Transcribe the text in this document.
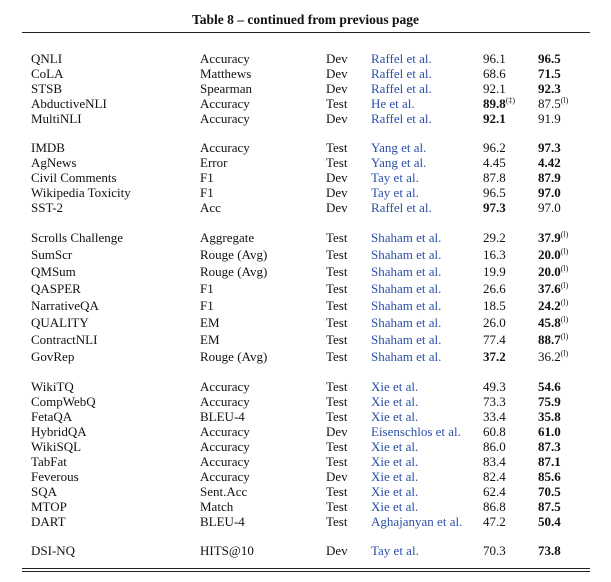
Table 8 – continued from previous page
QNLI	Accuracy	Dev Raffel et al.	96.1 96.5
CoLA	Matthews	Dev Raffel et al.	68.6 71.5
STSB	Spearman	Dev Raffel et al.	92.1 92.3
AbductiveNLI	Accuracy	Test He et al.	89.8(‡) 87.5$^{(l)}$
MultiNLI	Accuracy	Dev Raffel et al.	92.1 91.9
IMDB	Accuracy	Test Yang et al.	96.2 97.3
AgNews	Error	Test Yang et al.	4.45 4.42
Civil Comments	F1	Dev Tay et al.	87.8 87.9
Wikipedia Toxicity	F1	Dev Tay et al.	96.5 97.0
SST-2	Acc	Dev Raffel et al.	97.3 97.0
Scrolls Challenge	Aggregate	Test Shaham et al.	29.2 37.9$^{(l)}$
SumScr	Rouge (Avg)	Test Shaham et al.	16.3 20.0$^{(l)}$
QMSum	Rouge (Avg)	Test Shaham et al.	19.9 20.0$^{(l)}$
QASPER	F1	Test Shaham et al.	26.6 37.6$^{(l)}$
NarrativeQA	F1	Test Shaham et al.	18.5 24.2$^{(l)}$
QUALITY	EM	Test Shaham et al.	26.0 45.8$^{(l)}$
ContractNLI	EM	Test Shaham et al.	77.4 88.7$^{(l)}$
GovRep	Rouge (Avg)	Test Shaham et al.	37.2 36.2$^{(l)}$
WikiTQ	Accuracy	Test Xie et al.	49.3 54.6
CompWebQ	Accuracy	Test Xie et al.	73.3 75.9
FetaQA	BLEU-4	Test Xie et al.	33.4 35.8
HybridQA	Accuracy	Dev Eisenschlos et al. 60.8 61.0
WikiSQL	Accuracy	Test Xie et al.	86.0 87.3
TabFat	Accuracy	Test Xie et al.	83.4 87.1
Feverous	Accuracy	Dev Xie et al.	82.4 85.6
SQA	Sent.Acc	Test Xie et al.	62.4 70.5
MTOP	Match	Test Xie et al.	86.8 87.5
DART	BLEU-4	Test Aghajanyan et al. 47.2 50.4
DSI-NQ	HITS@10	Dev Tay et al.	70.3 73.8
